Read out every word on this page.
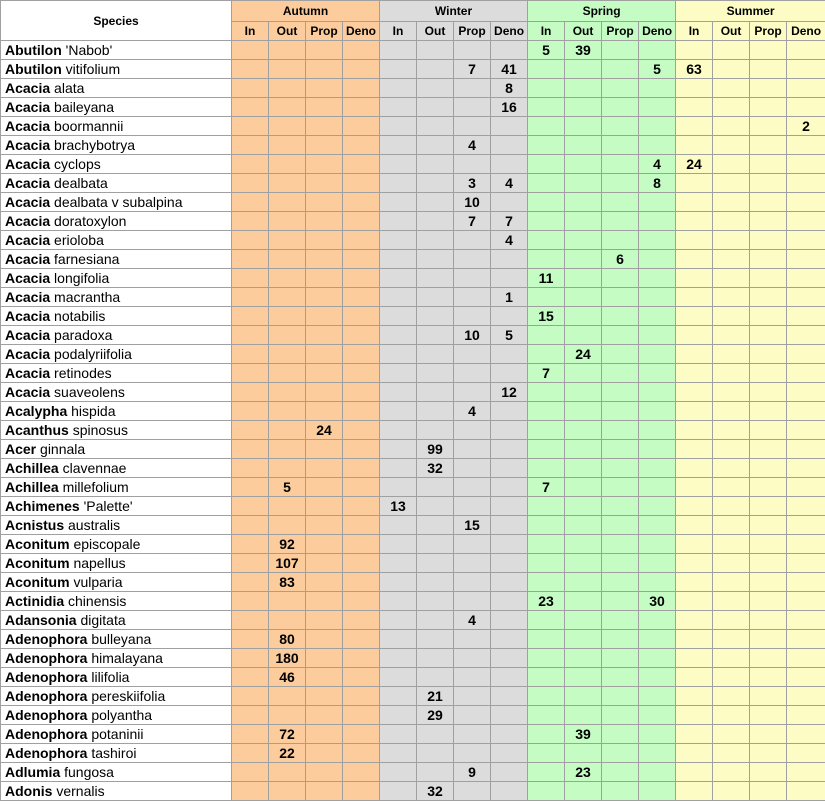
Species	Autumn				Winter				Spring				Summer			
	In	Out	Prop	Deno	In	Out	Prop	Deno	In	Out	Prop	Deno	In	Out	Prop	Deno
Abutilon 'Nabob'									5	39						
Abutilon vitifolium							7	41				5	63			
Acacia alata								8								
Acacia baileyana								16								
Acacia boormannii																2
Acacia brachybotrya							4									
Acacia cyclops												4	24			
Acacia dealbata							3	4				8				
Acacia dealbata v subalpina							10									
Acacia doratoxylon							7	7								
Acacia erioloba								4								
Acacia farnesiana											6					
Acacia longifolia									11							
Acacia macrantha								1								
Acacia notabilis									15							
Acacia paradoxa							10	5								
Acacia podalyriifolia										24						
Acacia retinodes									7							
Acacia suaveolens								12								
Acalypha hispida							4									
Acanthus spinosus			24													
Acer ginnala						99										
Achillea clavennae						32										
Achillea millefolium		5							7							
Achimenes 'Palette'					13											
Acnistus australis							15									
Aconitum episcopale		92														
Aconitum napellus		107														
Aconitum vulparia		83														
Actinidia chinensis									23			30				
Adansonia digitata							4									
Adenophora bulleyana		80														
Adenophora himalayana		180														
Adenophora lilifolia		46														
Adenophora pereskiifolia						21										
Adenophora polyantha						29										
Adenophora potaninii		72								39						
Adenophora tashiroi		22														
Adlumia fungosa							9			23						
Adonis vernalis						32										
